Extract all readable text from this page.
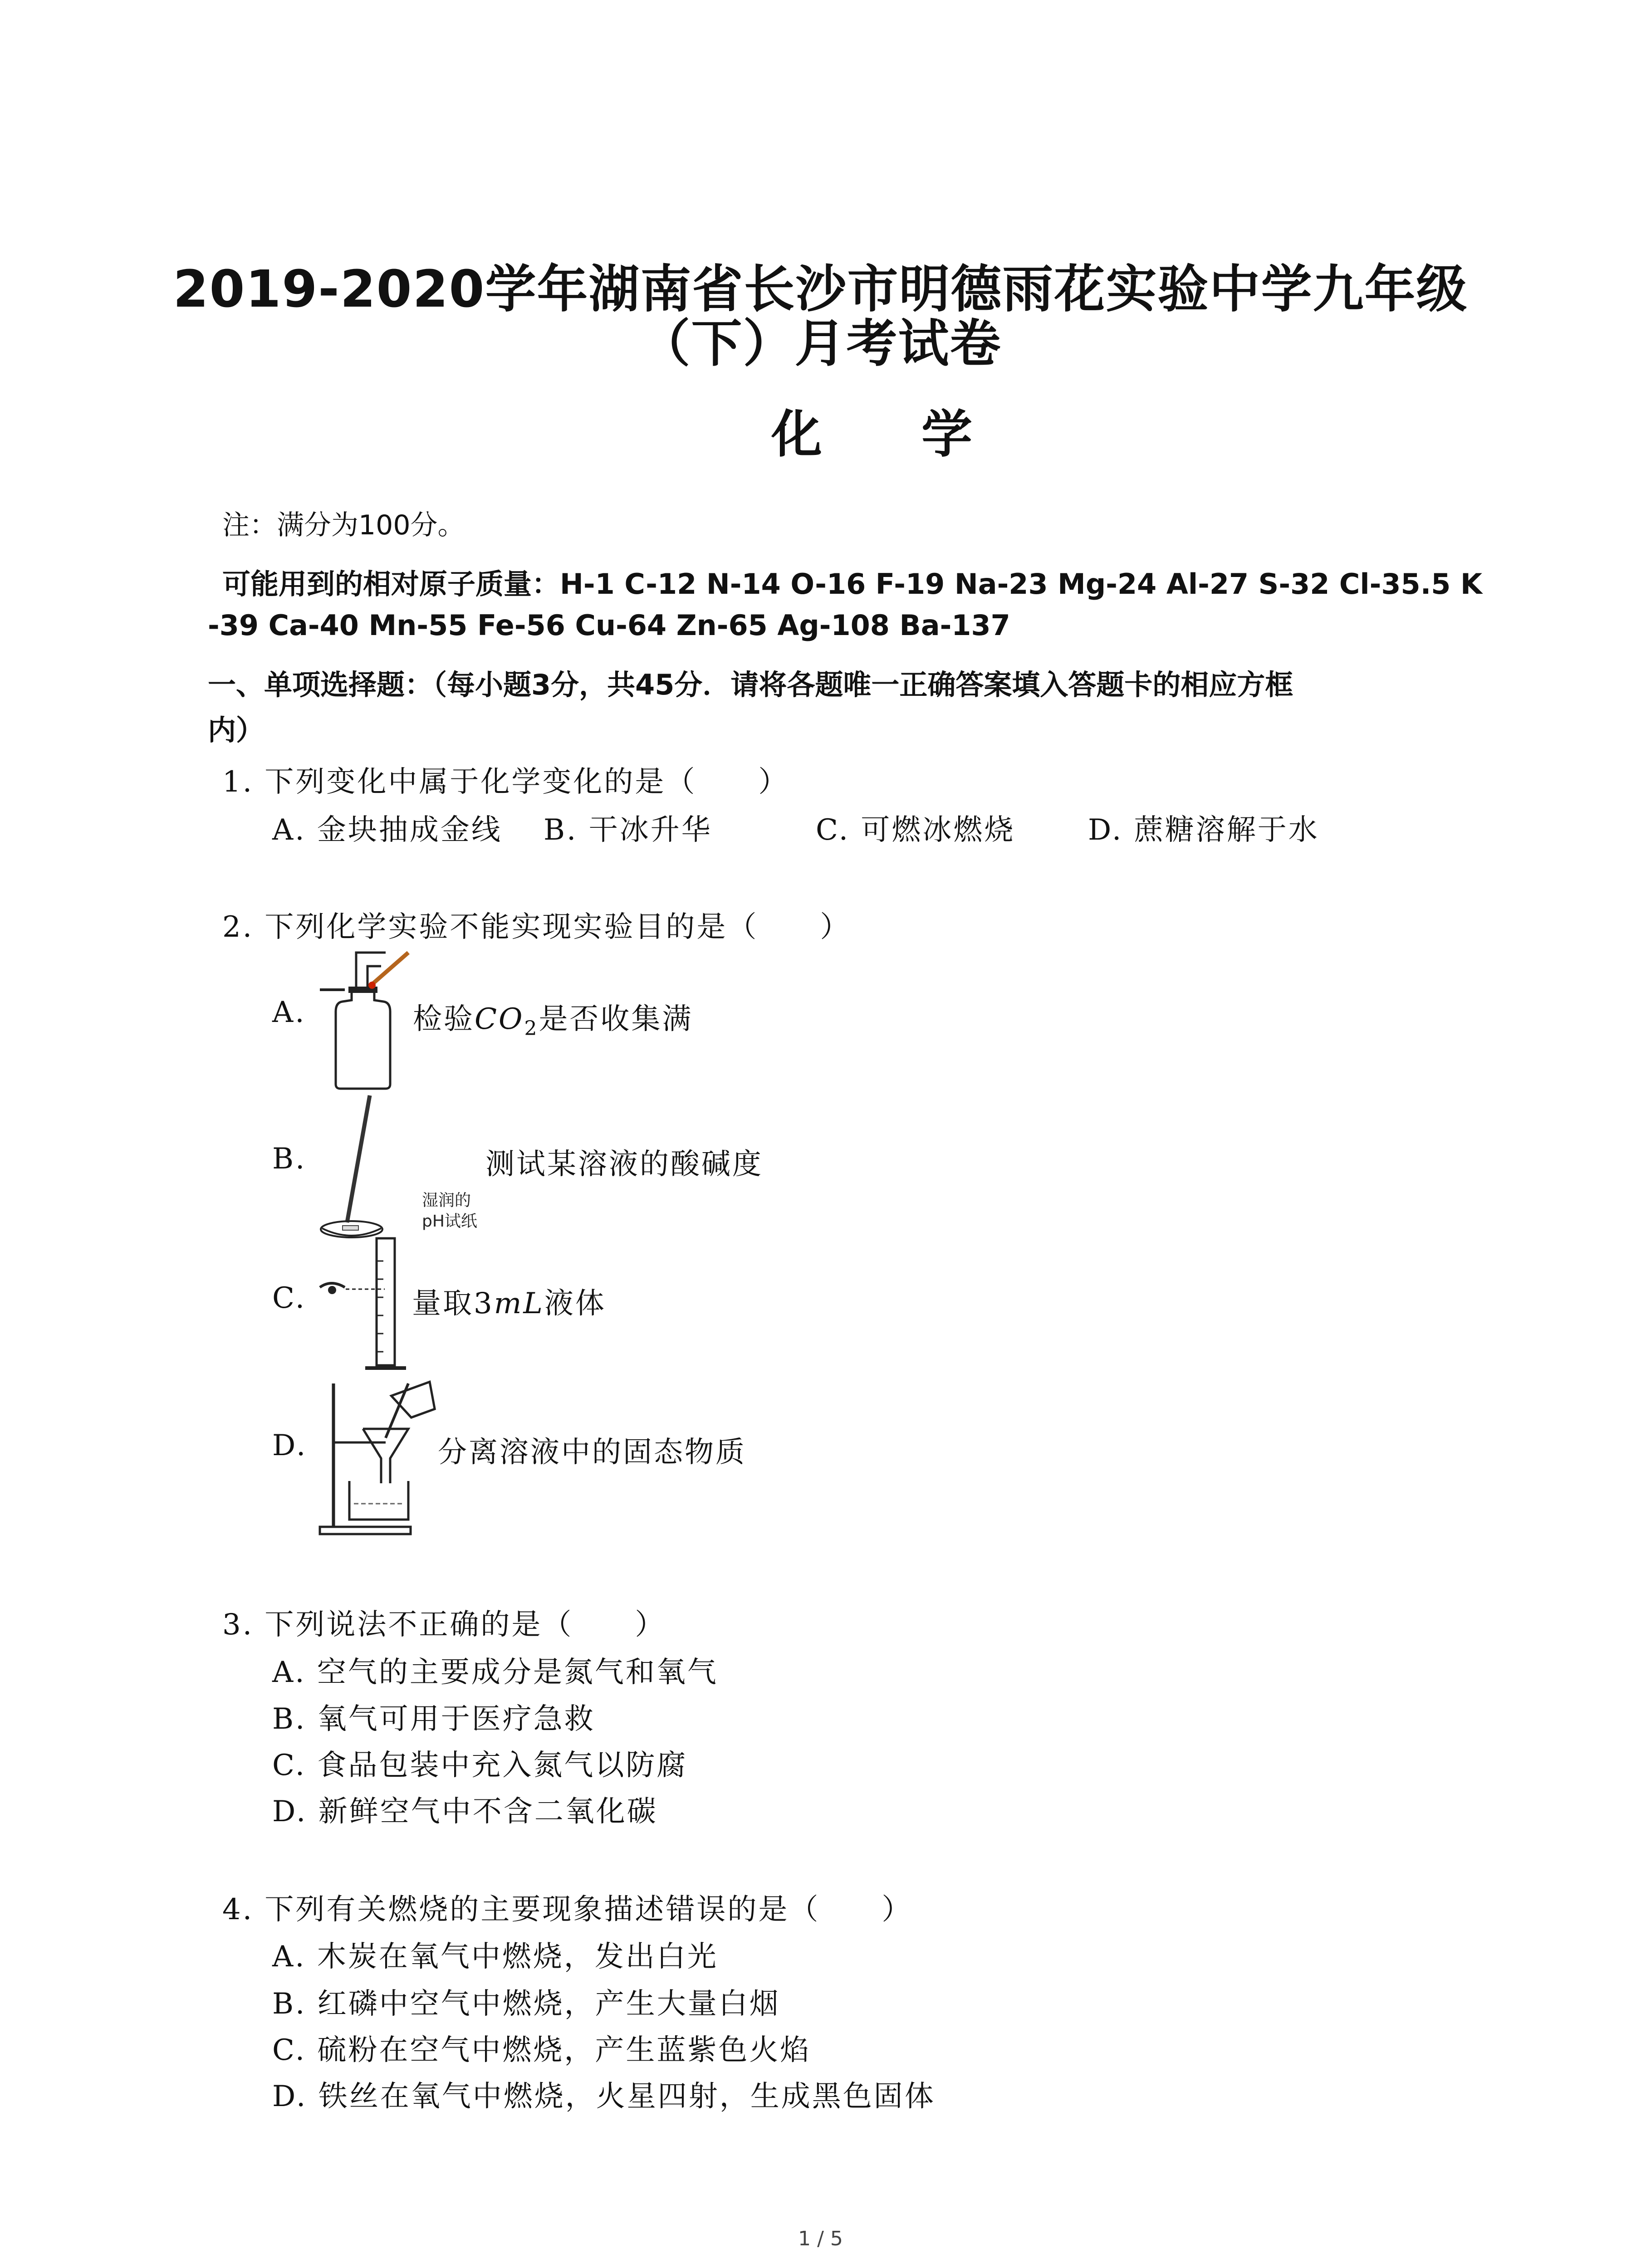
2019-2020学年湖南省长沙市明德雨花实验中学九年级
（下）月考试卷
化 学
注：满分为100分。
可能用到的相对原子质量：H-1 C-12 N-14 O-16 F-19 Na-23 Mg-24 Al-27 S-32 Cl-35.5 K
-39 Ca-40 Mn-55 Fe-56 Cu-64 Zn-65 Ag-108 Ba-137
一、单项选择题：（每小题3分，共45分．请将各题唯一正确答案填入答题卡的相应方框
内）
1. 下列变化中属于化学变化的是（　　）
A. 金块抽成金线 B. 干冰升华	C. 可燃冰燃烧	D. 蔗糖溶解于水
2. 下列化学实验不能实现实验目的是（　　）
A.	检验$CO_2$是否收集满
B.
湿润的
pH试纸
测试某溶液的酸碱度
C.	量取3mL液体
D.	分离溶液中的固态物质
3. 下列说法不正确的是（　　）
A. 空气的主要成分是氮气和氧气
B. 氧气可用于医疗急救
C. 食品包装中充入氮气以防腐
D. 新鲜空气中不含二氧化碳
4. 下列有关燃烧的主要现象描述错误的是（　　）
A. 木炭在氧气中燃烧，发出白光
B. 红磷中空气中燃烧，产生大量白烟
C. 硫粉在空气中燃烧，产生蓝紫色火焰
D. 铁丝在氧气中燃烧，火星四射，生成黑色固体
1 / 5
